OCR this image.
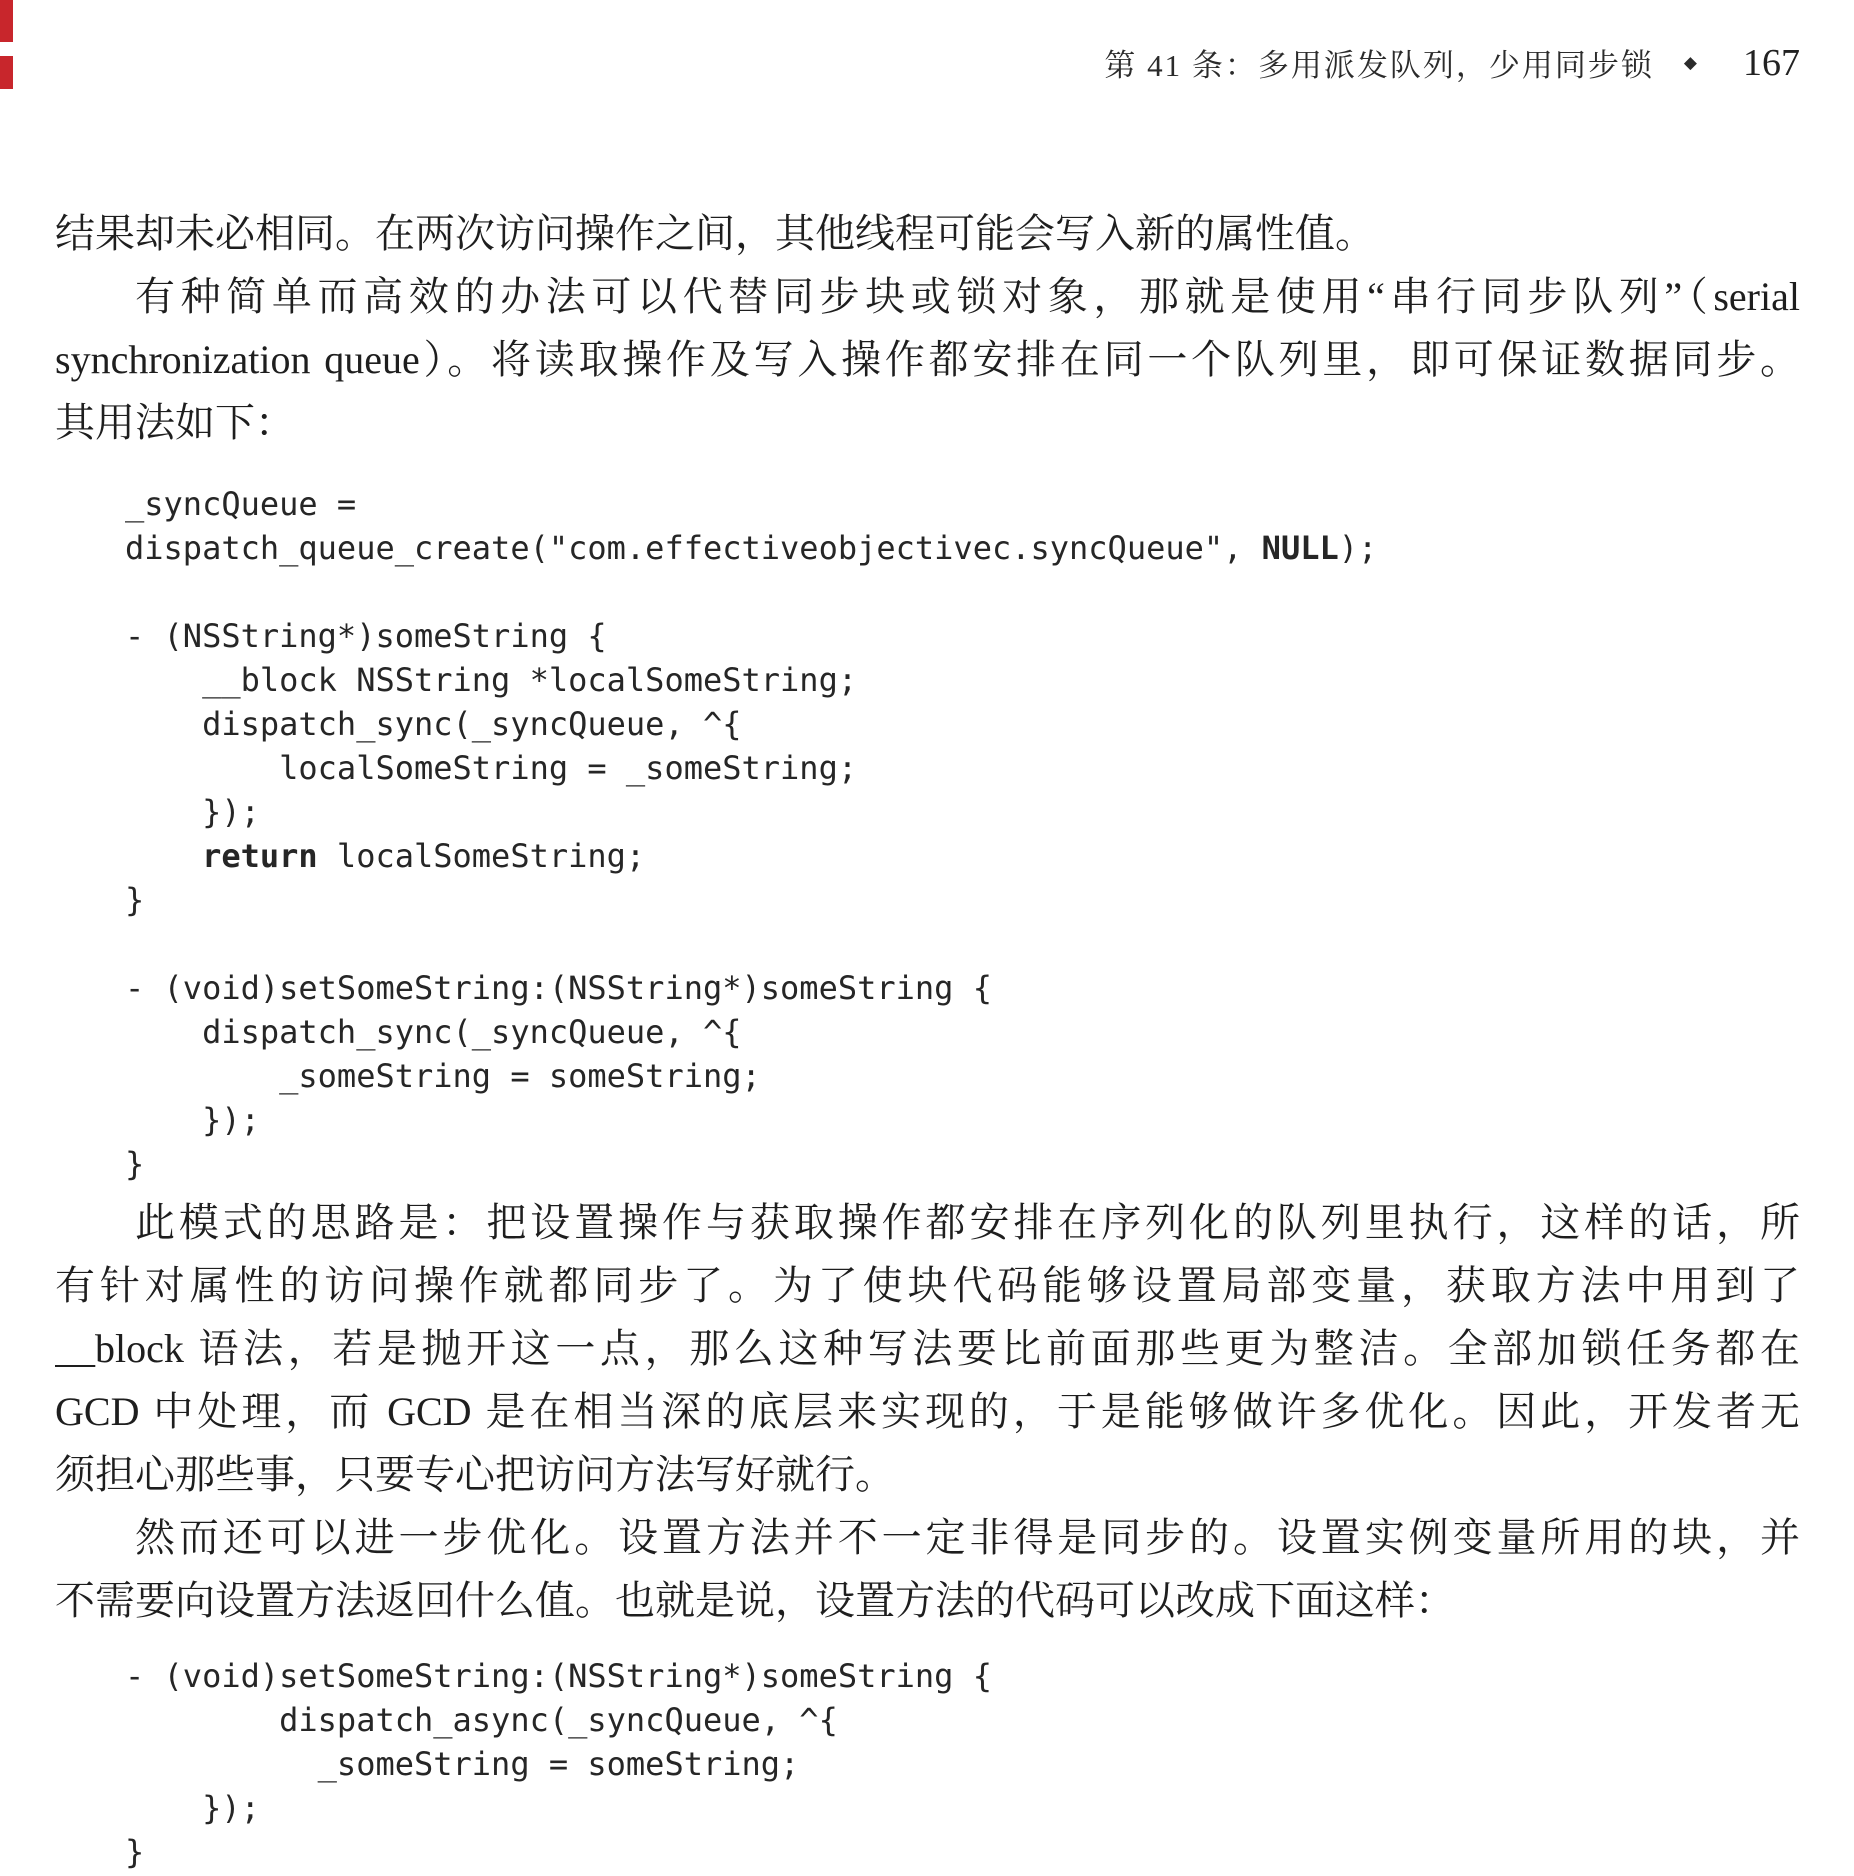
第 41 条：多用派发队列，少用同步锁 ◆ 167
结果却未必相同。在两次访问操作之间，其他线程可能会写入新的属性值。
有种简单而高效的办法可以代替同步块或锁对象，那就是使用“串行同步队列”（serial
synchronization queue）。将读取操作及写入操作都安排在同一个队列里，即可保证数据同步。
其用法如下：
_syncQueue =
dispatch_queue_create("com.effectiveobjectivec.syncQueue", NULL);
- (NSString*)someString {
__block NSString *localSomeString;
dispatch_sync(_syncQueue, ^{
localSomeString = _someString;
});
return localSomeString;
}
- (void)setSomeString:(NSString*)someString {
dispatch_sync(_syncQueue, ^{
_someString = someString;
});
}
此模式的思路是：把设置操作与获取操作都安排在序列化的队列里执行，这样的话，所
有针对属性的访问操作就都同步了。为了使块代码能够设置局部变量，获取方法中用到了
__block 语法，若是抛开这一点，那么这种写法要比前面那些更为整洁。全部加锁任务都在
GCD 中处理，而 GCD 是在相当深的底层来实现的，于是能够做许多优化。因此，开发者无
须担心那些事，只要专心把访问方法写好就行。
然而还可以进一步优化。设置方法并不一定非得是同步的。设置实例变量所用的块，并
不需要向设置方法返回什么值。也就是说，设置方法的代码可以改成下面这样：
- (void)setSomeString:(NSString*)someString {
dispatch_async(_syncQueue, ^{
_someString = someString;
});
}
